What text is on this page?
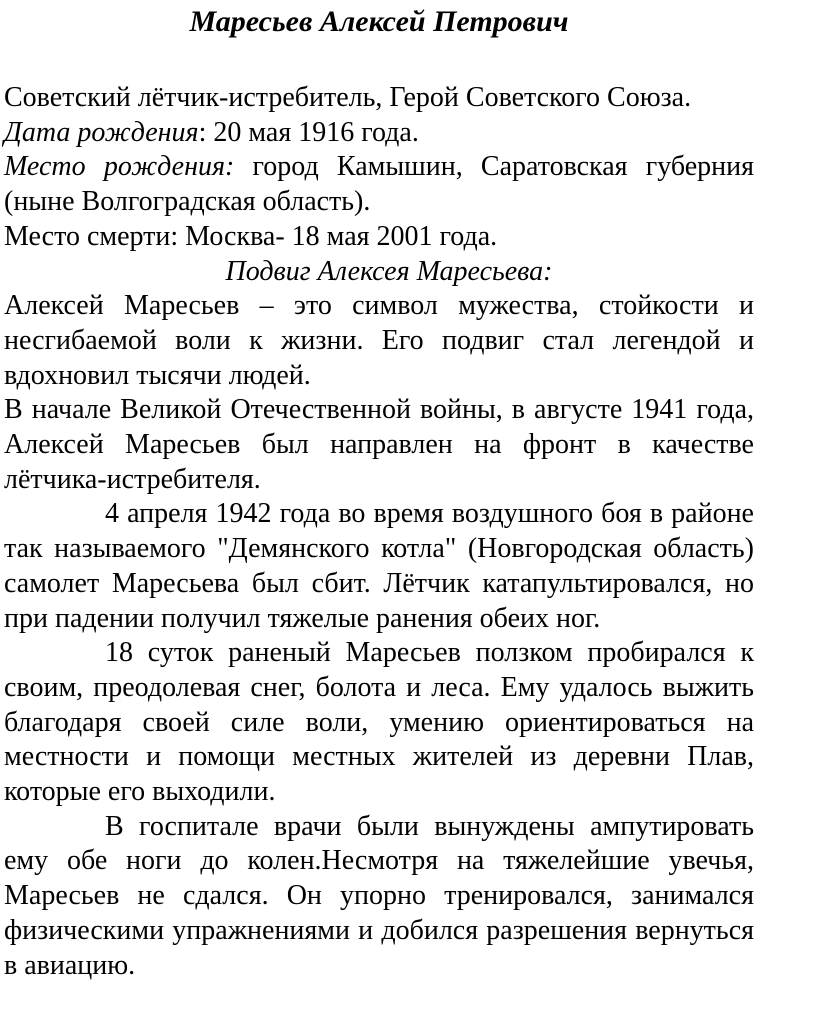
Маресьев Алексей Петрович

Советский лётчик-истребитель, Герой Советского Союза.

Дата рождения: 20 мая 1916 года.

Место рождения: город Камышин, Саратовская губерния (ныне Волгоградская область).

Место смерти: Москва- 18 мая 2001 года.

Подвиг Алексея Маресьева:

Алексей Маресьев – это символ мужества, стойкости и несгибаемой воли к жизни. Его подвиг стал легендой и вдохновил тысячи людей.

В начале Великой Отечественной войны, в августе 1941 года, Алексей Маресьев был направлен на фронт в качестве лётчика-истребителя.

4 апреля 1942 года во время воздушного боя в районе так называемого "Демянского котла" (Новгородская область) самолет Маресьева был сбит. Лётчик катапультировался, но при падении получил тяжелые ранения обеих ног.

18 суток раненый Маресьев ползком пробирался к своим, преодолевая снег, болота и леса. Ему удалось выжить благодаря своей силе воли, умению ориентироваться на местности и помощи местных жителей из деревни Плав, которые его выходили.

В госпитале врачи были вынуждены ампутировать ему обе ноги до колен.Несмотря на тяжелейшие увечья, Маресьев не сдался. Он упорно тренировался, занимался физическими упражнениями и добился разрешения вернуться в авиацию.
